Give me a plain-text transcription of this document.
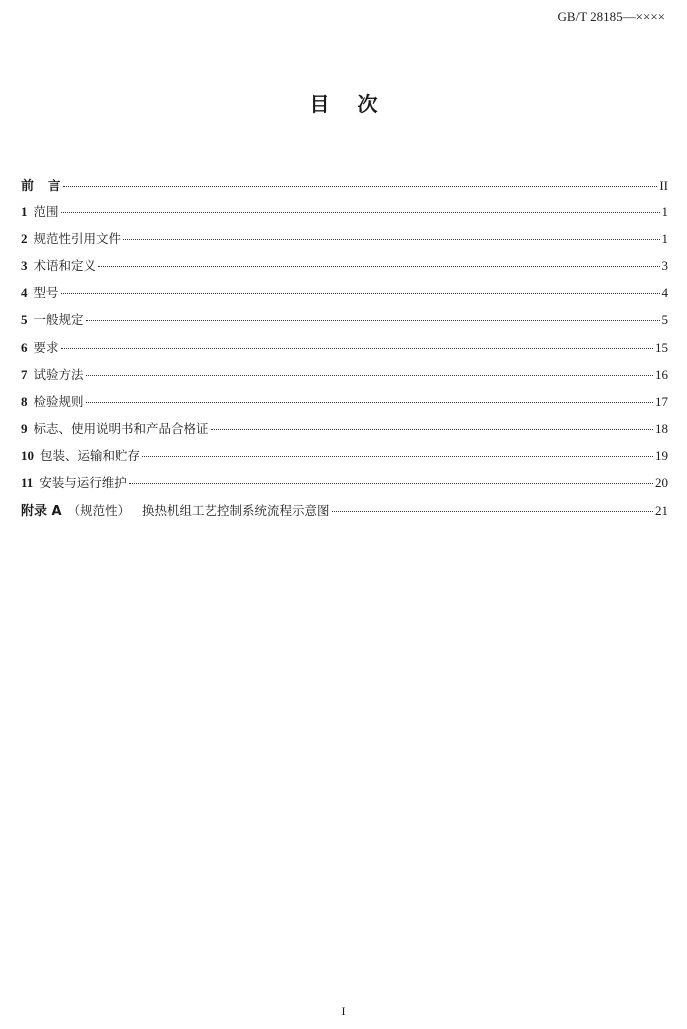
GB/T 28185—××××
目 次
前 言	II
1 范围	1
2 规范性引用文件	1
3 术语和定义	3
4 型号	4
5 一般规定	5
6 要求	15
7 试验方法	16
8 检验规则	17
9 标志、使用说明书和产品合格证	18
10 包装、运输和贮存	19
11 安装与运行维护	20
附录 A （规范性）   换热机组工艺控制系统流程示意图	21
I
